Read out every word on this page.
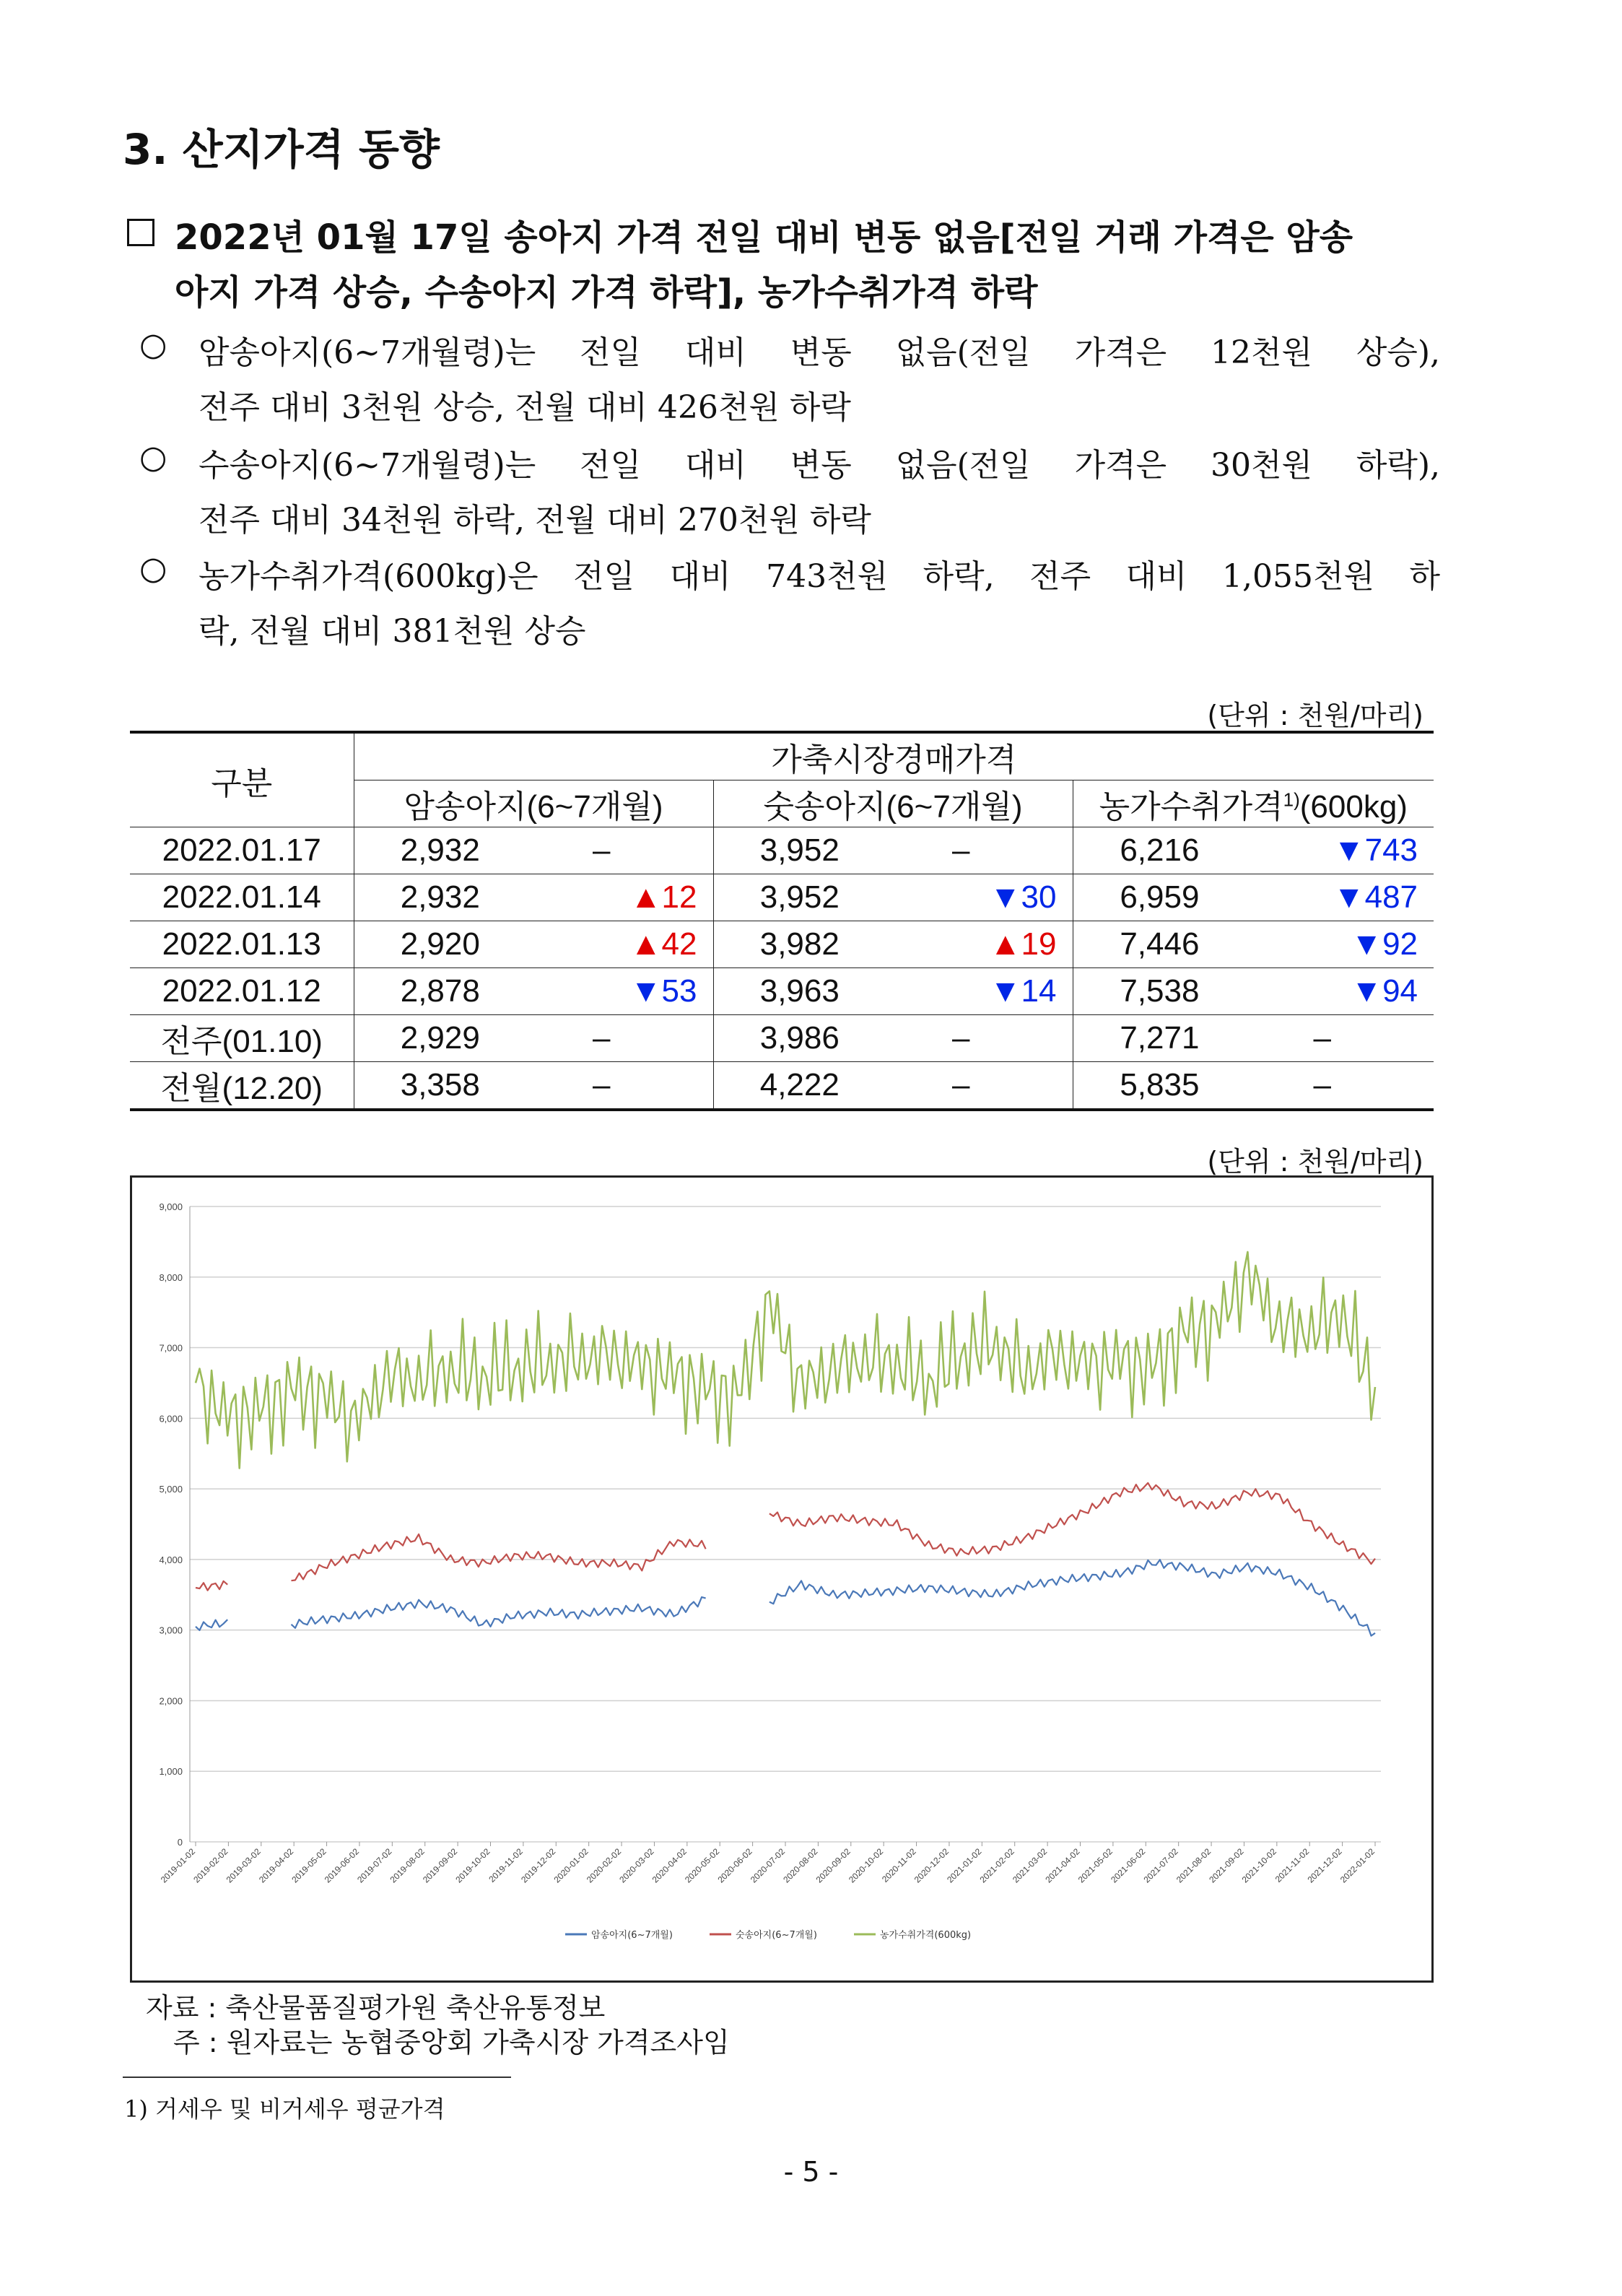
3. 산지가격 동향
2022년 01월 17일 송아지 가격 전일 대비 변동 없음[전일 거래 가격은 암송
아지 가격 상승, 수송아지 가격 하락], 농가수취가격 하락
○ 암송아지(6~7개월령)는 전일 대비 변동 없음(전일 가격은 12천원 상승),
전주 대비 3천원 상승, 전월 대비 426천원 하락
○ 수송아지(6~7개월령)는 전일 대비 변동 없음(전일 가격은 30천원 하락),
전주 대비 34천원 하락, 전월 대비 270천원 하락
○ 농가수취가격(600kg)은 전일 대비 743천원 하락, 전주 대비 1,055천원 하
락, 전월 대비 381천원 상승
(단위 : 천원/마리)
구분	가축시장경매가격		
	암송아지(6~7개월)	숫송아지(6~7개월)	농가수취가격$^{1)}$(600kg)
2022.01.17	2,932 –	3,952 –	6,216 ▼743

2022.01.14	2,932 ▲12	3,952 ▼30	6,959 ▼487

2022.01.13	2,920 ▲42	3,982 ▲19	7,446 ▼92

2022.01.12	2,878 ▼53	3,963 ▼14	7,538 ▼94

전주(01.10)	2,929 –	3,986 –	7,271 –

전월(12.20)	3,358 –	4,222 –	5,835 –
(단위 : 천원/마리)
0
1,000
2,000
3,000
4,000
5,000
6,000
7,000
8,000
9,000
2019-01-02
2019-02-02
2019-03-02
2019-04-02
2019-05-02
2019-06-02
2019-07-02
2019-08-02
2019-09-02
2019-10-02
2019-11-02
2019-12-02
2020-01-02
2020-02-02
2020-03-02
2020-04-02
2020-05-02
2020-06-02
2020-07-02
2020-08-02
2020-09-02
2020-10-02
2020-11-02
2020-12-02
2021-01-02
2021-02-02
2021-03-02
2021-04-02
2021-05-02
2021-06-02
2021-07-02
2021-08-02
2021-09-02
2021-10-02
2021-11-02
2021-12-02
2022-01-02
암송아지(6~7개월)	숫송아지(6~7개월)	농가수취가격(600kg)
자료 : 축산물품질평가원 축산유통정보
주 : 원자료는 농협중앙회 가축시장 가격조사임
1) 거세우 및 비거세우 평균가격
- 5 -
